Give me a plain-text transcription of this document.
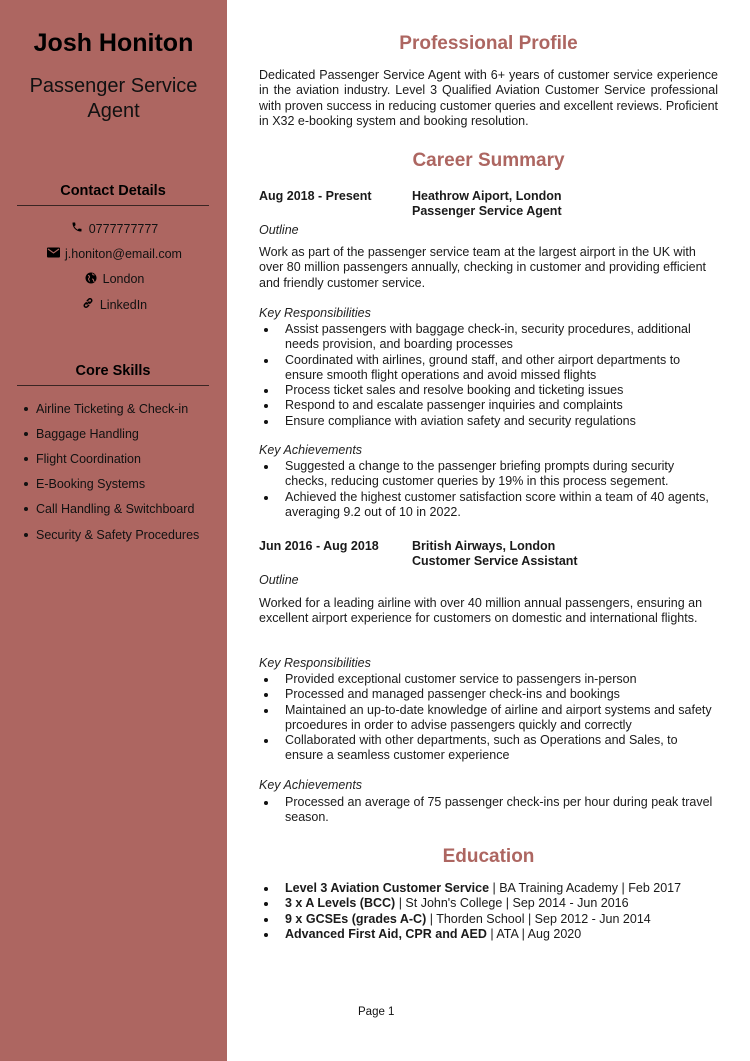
Josh Honiton
Passenger Service Agent
Contact Details
0777777777
j.honiton@email.com
London
LinkedIn
Core Skills
Airline Ticketing & Check-in
Baggage Handling
Flight Coordination
E-Booking Systems
Call Handling & Switchboard
Security & Safety Procedures
Professional Profile
Dedicated Passenger Service Agent with 6+ years of customer service experience in the aviation industry. Level 3 Qualified Aviation Customer Service professional with proven success in reducing customer queries and excellent reviews. Proficient in X32 e-booking system and booking resolution.
Career Summary
Aug 2018 - Present	Heathrow Aiport, London
Passenger Service Agent
Outline
Work as part of the passenger service team at the largest airport in the UK with over 80 million passengers annually, checking in customer and providing efficient and friendly customer service.
Key Responsibilities
Assist passengers with baggage check-in, security procedures, additional needs provision, and boarding processes
Coordinated with airlines, ground staff, and other airport departments to ensure smooth flight operations and avoid missed flights
Process ticket sales and resolve booking and ticketing issues
Respond to and escalate passenger inquiries and complaints
Ensure compliance with aviation safety and security regulations
Key Achievements
Suggested a change to the passenger briefing prompts during security checks, reducing customer queries by 19% in this process segement.
Achieved the highest customer satisfaction score within a team of 40 agents, averaging 9.2 out of 10 in 2022.
Jun 2016 - Aug 2018	British Airways, London
Customer Service Assistant
Outline
Worked for a leading airline with over 40 million annual passengers, ensuring an excellent airport experience for customers on domestic and international flights.
Key Responsibilities
Provided exceptional customer service to passengers in-person
Processed and managed passenger check-ins and bookings
Maintained an up-to-date knowledge of airline and airport systems and safety prcoedures in order to advise passengers quickly and correctly
Collaborated with other departments, such as Operations and Sales, to ensure a seamless customer experience
Key Achievements
Processed an average of 75 passenger check-ins per hour during peak travel season.
Education
Level 3 Aviation Customer Service | BA Training Academy | Feb 2017
3 x A Levels (BCC) | St John's College | Sep 2014 - Jun 2016
9 x GCSEs (grades A-C) | Thorden School | Sep 2012 - Jun 2014
Advanced First Aid, CPR and AED | ATA | Aug 2020
Page 1
